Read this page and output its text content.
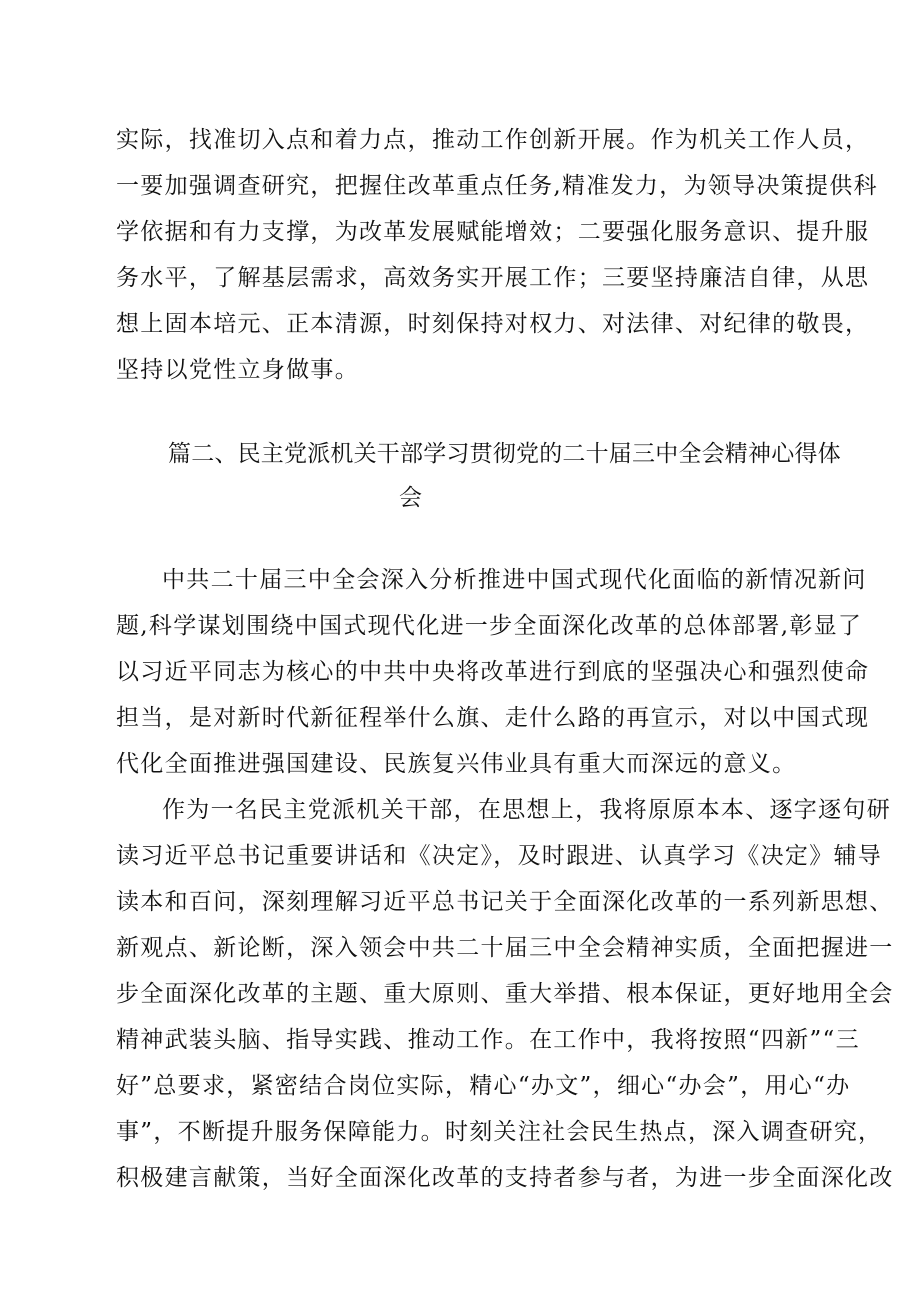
实际，找准切入点和着力点，推动工作创新开展。作为机关工作人员，
一要加强调查研究，把握住改革重点任务,精准发力，为领导决策提供科
学依据和有力支撑，为改革发展赋能增效；二要强化服务意识、提升服
务水平，了解基层需求，高效务实开展工作；三要坚持廉洁自律，从思
想上固本培元、正本清源，时刻保持对权力、对法律、对纪律的敬畏，
坚持以党性立身做事。
篇二、民主党派机关干部学习贯彻党的二十届三中全会精神心得体
会
中共二十届三中全会深入分析推进中国式现代化面临的新情况新问
题,科学谋划围绕中国式现代化进一步全面深化改革的总体部署,彰显了
以习近平同志为核心的中共中央将改革进行到底的坚强决心和强烈使命
担当，是对新时代新征程举什么旗、走什么路的再宣示，对以中国式现
代化全面推进强国建设、民族复兴伟业具有重大而深远的意义。
作为一名民主党派机关干部，在思想上，我将原原本本、逐字逐句研
读习近平总书记重要讲话和《决定》，及时跟进、认真学习《决定》辅导
读本和百问，深刻理解习近平总书记关于全面深化改革的一系列新思想、
新观点、新论断，深入领会中共二十届三中全会精神实质，全面把握进一
步全面深化改革的主题、重大原则、重大举措、根本保证，更好地用全会
精神武装头脑、指导实践、推动工作。在工作中，我将按照“四新”“三
好”总要求，紧密结合岗位实际，精心“办文”，细心“办会”，用心“办
事”，不断提升服务保障能力。时刻关注社会民生热点，深入调查研究，
积极建言献策，当好全面深化改革的支持者参与者，为进一步全面深化改
